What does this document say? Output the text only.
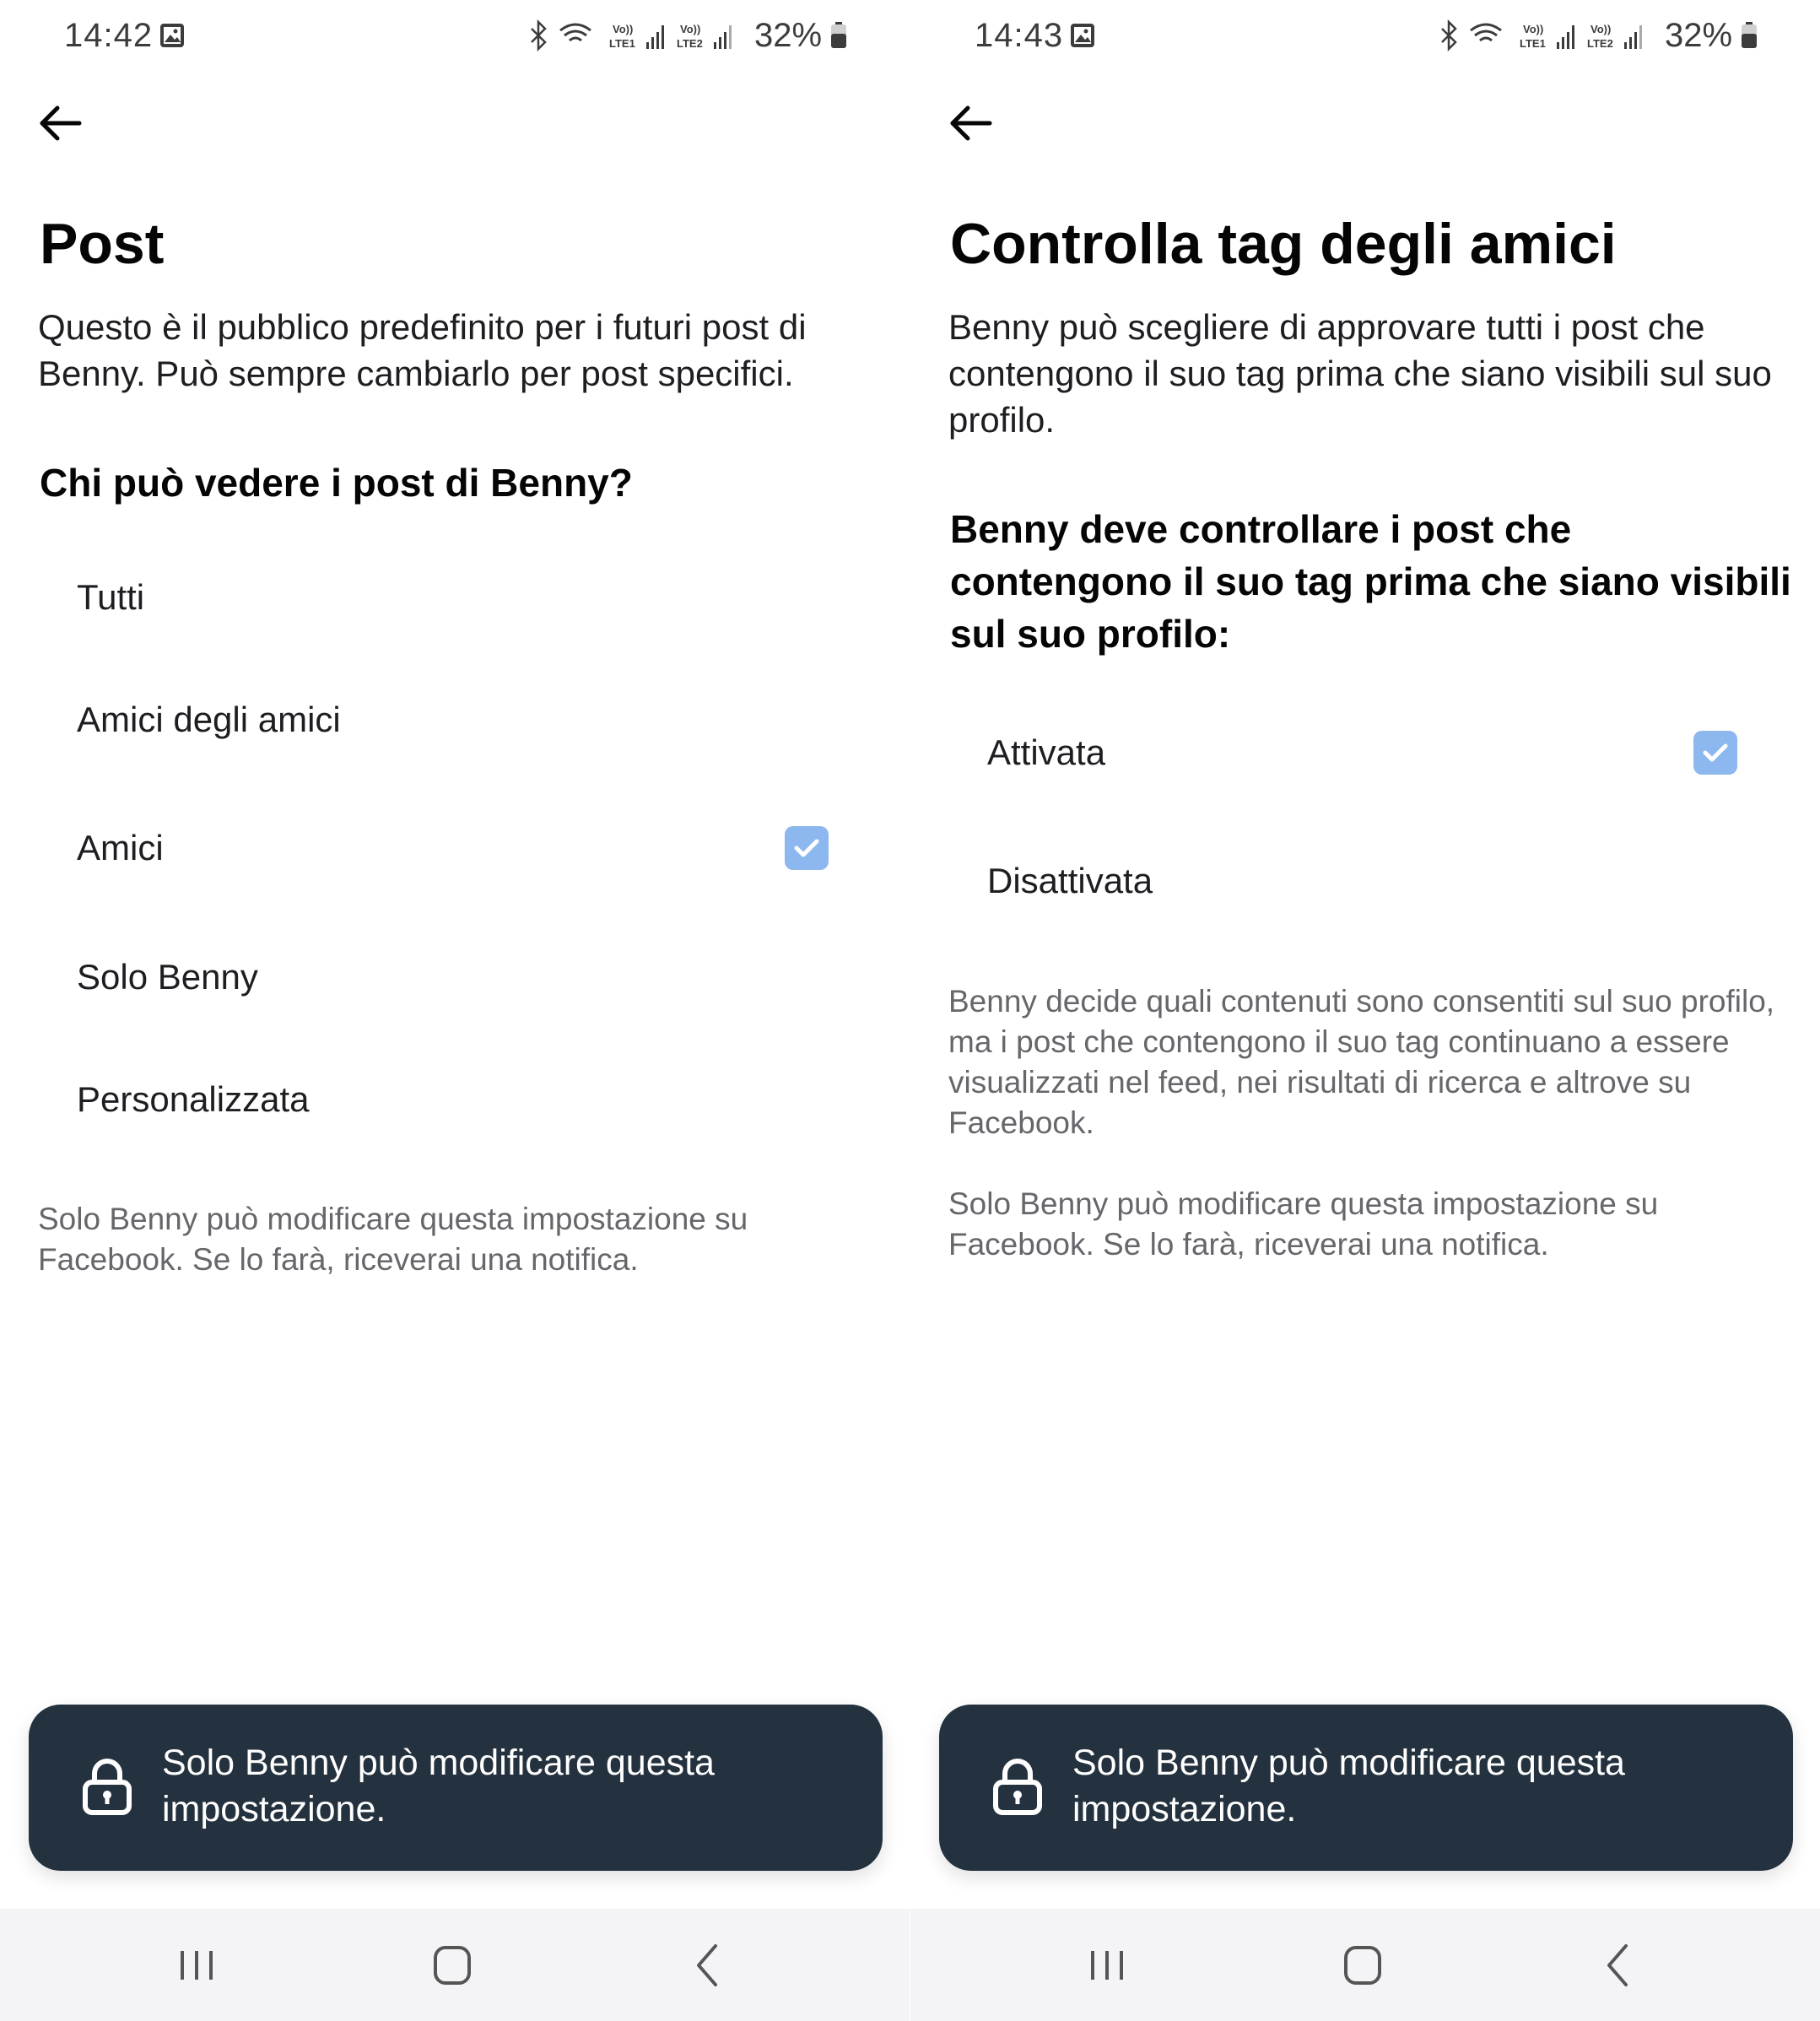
14:42	Vo))
LTE1
Vo))
LTE2 32%
Post
Questo è il pubblico predefinito per i futuri post di Benny. Può sempre cambiarlo per post specifici.
Chi può vedere i post di Benny?
Tutti
Amici degli amici
Amici
Solo Benny
Personalizzata
Solo Benny può modificare questa impostazione su Facebook. Se lo farà, riceverai una notifica.
Solo Benny può modificare questa impostazione.
14:43	Vo))
LTE1
Vo))
LTE2 32%
Controlla tag degli amici
Benny può scegliere di approvare tutti i post che contengono il suo tag prima che siano visibili sul suo profilo.
Benny deve controllare i post che contengono il suo tag prima che siano visibili sul suo profilo:
Attivata
Disattivata
Benny decide quali contenuti sono consentiti sul suo profilo, ma i post che contengono il suo tag continuano a essere visualizzati nel feed, nei risultati di ricerca e altrove su Facebook.
Solo Benny può modificare questa impostazione su Facebook. Se lo farà, riceverai una notifica.
Solo Benny può modificare questa impostazione.
